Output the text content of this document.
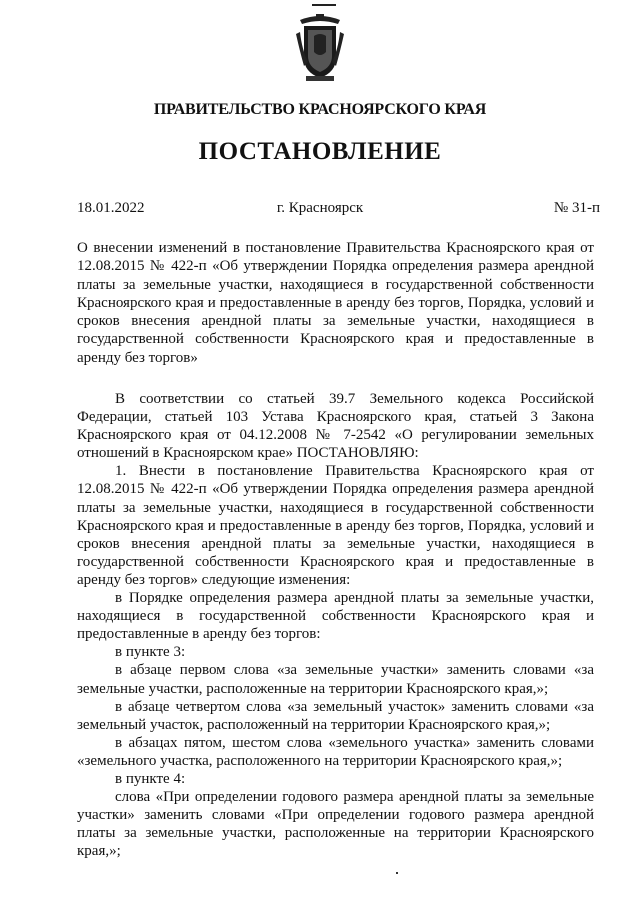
ПРАВИТЕЛЬСТВО КРАСНОЯРСКОГО КРАЯ
ПОСТАНОВЛЕНИЕ
18.01.2022	г. Красноярск	№ 31-п
О внесении изменений в постановление Правительства Красноярского края от 12.08.2015 № 422-п «Об утверждении Порядка определения размера арендной платы за земельные участки, находящиеся в государственной собственности Красноярского края и предоставленные в аренду без торгов, Порядка, условий и сроков внесения арендной платы за земельные участки, находящиеся в государственной собственности Красноярского края и предоставленные в аренду без торгов»

В соответствии со статьей 39.7 Земельного кодекса Российской Федерации, статьей 103 Устава Красноярского края, статьей 3 Закона Красноярского края от 04.12.2008 № 7-2542 «О регулировании земельных отношений в Красноярском крае» ПОСТАНОВЛЯЮ:

1. Внести в постановление Правительства Красноярского края от 12.08.2015 № 422-п «Об утверждении Порядка определения размера арендной платы за земельные участки, находящиеся в государственной собственности Красноярского края и предоставленные в аренду без торгов, Порядка, условий и сроков внесения арендной платы за земельные участки, находящиеся в государственной собственности Красноярского края и предоставленные в аренду без торгов» следующие изменения:

в Порядке определения размера арендной платы за земельные участки, находящиеся в государственной собственности Красноярского края и предоставленные в аренду без торгов:

в пункте 3:

в абзаце первом слова «за земельные участки» заменить словами «за земельные участки, расположенные на территории Красноярского края,»;

в абзаце четвертом слова «за земельный участок» заменить словами «за земельный участок, расположенный на территории Красноярского края,»;

в абзацах пятом, шестом слова «земельного участка» заменить словами «земельного участка, расположенного на территории Красноярского края,»;

в пункте 4:

слова «При определении годового размера арендной платы за земельные участки» заменить словами «При определении годового размера арендной платы за земельные участки, расположенные на территории Красноярского края,»;
